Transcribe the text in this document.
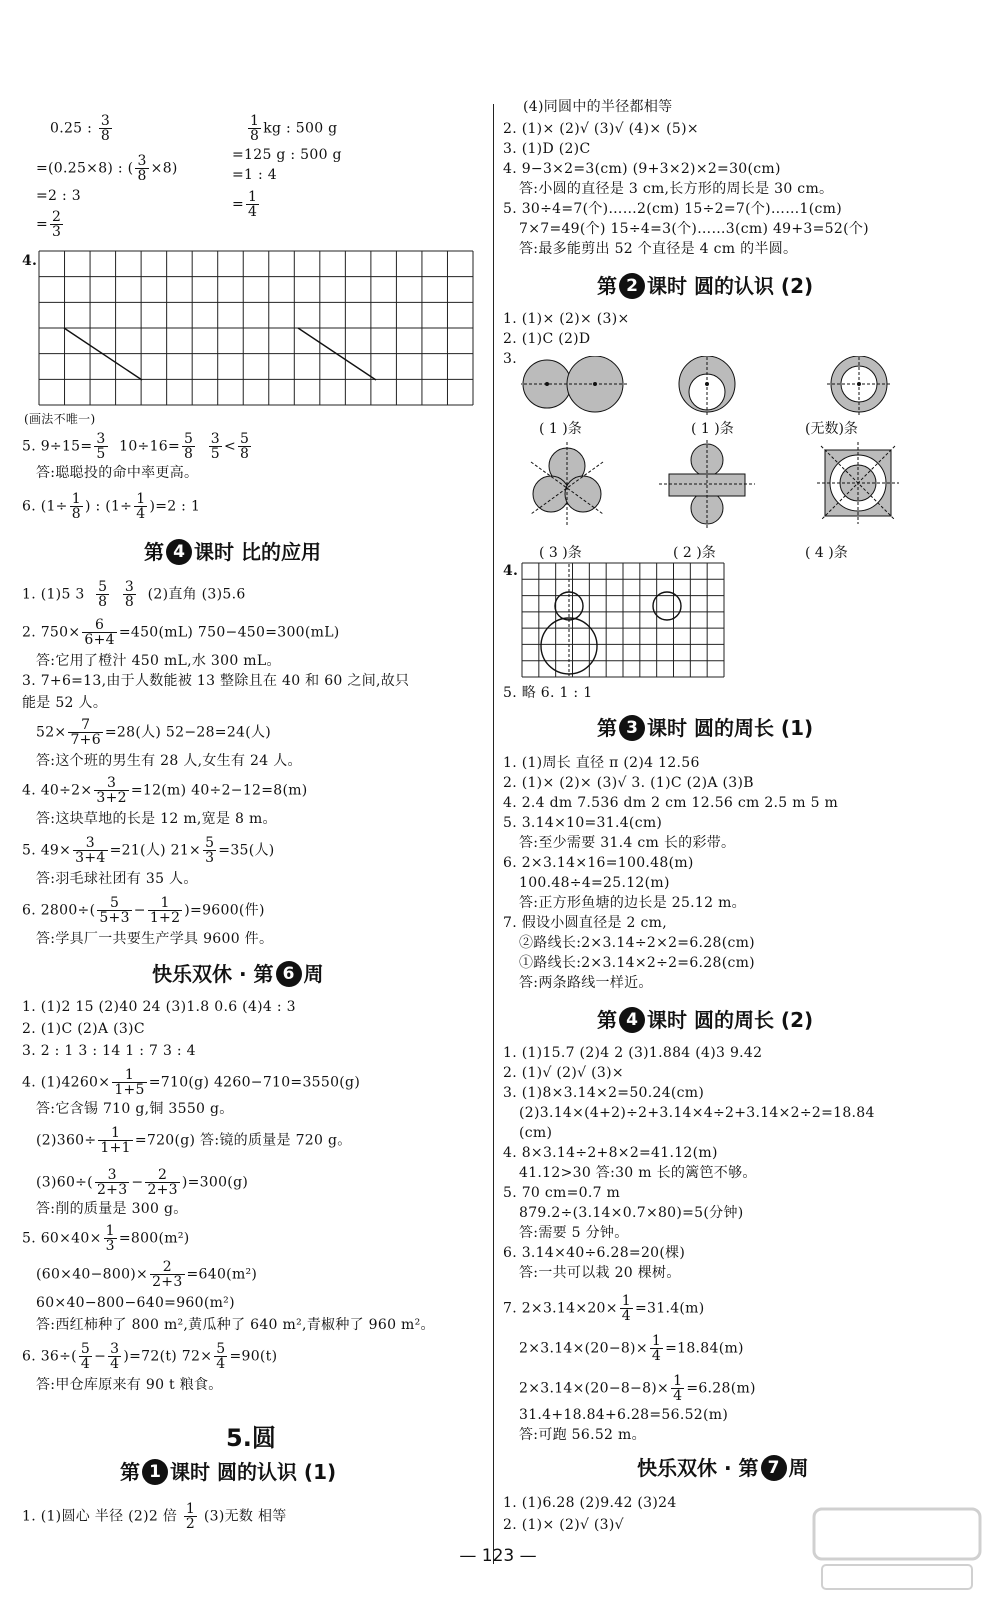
0.25 : $\frac{3}{8}$
=(0.25×8) : ( $\frac{3}{8} \times 8$)
=2 : 3
= $\frac{2}{3}$
$\frac{1}{8}$ kg : 500 g
=125 g : 500 g
=1 : 4
= $\frac{1}{4}$
4.
(画法不唯一)
5. $9\div 15= \frac{3}{5} 10\div 16= \frac{5}{8}$
$\frac{3}{5} < \frac{5}{8}$
答:聪聪投的命中率更高。
6. ($1\div \frac{1}{8}$ ) : $(1\div \frac{1}{4} )=2$ : 1
第 4 课时 比的应用
1. (1)5 $3 \frac{5}{8}$
$\frac{3}{8} (2)$直角 (3)5.6
2. $750\times \frac{6}{6+4} =450(mL)$ 750−450=300(mL)
答:它用了橙汁 450 mL,水 300 mL。
3. 7+6=13,由于人数能被 13 整除且在 40 和 60 之间,故只
能是 52 人。
$52\times \frac{7}{7+6} =28$(人) 52−28=24(人)
答:这个班的男生有 28 人,女生有 24 人。
4. $40\div 2\times \frac{3}{3+2} =12(m)$ 40÷2−12=8(m)
答:这块草地的长是 12 m,宽是 8 m。
5. $49\times \frac{3}{3+4} =21$(人) $21\times \frac{5}{3} =35$(人)
答:羽毛球社团有 35 人。
6. $2800\div( \frac{5}{5+3} - \frac{1}{1+2} )=9600$(件)
答:学具厂一共要生产学具 9600 件。
快乐双休 · 第 6 周
1. (1)2 15 (2)40 24 (3)1.8 0.6 (4)4 : 3
2. (1)C (2)A (3)C
3. 2 : 1 3 : 14 1 : 7 3 : 4
4. $(1)4260\times \frac{1}{1+5} =710(g)$ 4260−710=3550(g)
答:它含锡 710 g,铜 3550 g。
$(2)360\div \frac{1}{1+1} =720(g)$ 答:镜的质量是 720 g。
$(3)60\div( \frac{3}{2+3} - \frac{2}{2+3} )=300(g)$
答:削的质量是 300 g。
5. $60\times 40\times \frac{1}{3} =800(m^2)$
$(60\times 40-800)\times \frac{2}{2+3} =640(m^2)$
60×40−800−640=960(m²)
答:西红柿种了 800 m²,黄瓜种了 640 m²,青椒种了 960 m²。
6. $36\div( \frac{5}{4} - \frac{3}{4} )=72(t)$ $72\times \frac{5}{4} =90(t)$
答:甲仓库原来有 90 t 粮食。
5.圆
第 1 课时 圆的认识 (1)
1. (1)圆心 半径 (2)2 倍 $\frac{1}{2} (3)$无数 相等
(4)同圆中的半径都相等
2. (1)× (2)√ (3)√ (4)× (5)×
3. (1)D (2)C
4. 9−3×2=3(cm) (9+3×2)×2=30(cm)
答:小圆的直径是 3 cm,长方形的周长是 30 cm。
5. 30÷4=7(个)……2(cm) 15÷2=7(个)……1(cm)
7×7=49(个) 15÷4=3(个)……3(cm) 49+3=52(个)
答:最多能剪出 52 个直径是 4 cm 的半圆。
第 2 课时 圆的认识 (2)
1. (1)× (2)× (3)×
2. (1)C (2)D
3.
( 1 )条	( 1 )条	(无数)条
( 3 )条	( 2 )条	( 4 )条
4.
5. 略 6. 1 : 1
第 3 课时 圆的周长 (1)
1. (1)周长 直径 π (2)4 12.56
2. (1)× (2)× (3)√ 3. (1)C (2)A (3)B
4. 2.4 dm 7.536 dm 2 cm 12.56 cm 2.5 m 5 m
5. 3.14×10=31.4(cm)
答:至少需要 31.4 cm 长的彩带。
6. 2×3.14×16=100.48(m)
100.48÷4=25.12(m)
答:正方形鱼塘的边长是 25.12 m。
7. 假设小圆直径是 2 cm,
②路线长:2×3.14÷2×2=6.28(cm)
①路线长:2×3.14×2÷2=6.28(cm)
答:两条路线一样近。
第 4 课时 圆的周长 (2)
1. (1)15.7 (2)4 2 (3)1.884 (4)3 9.42
2. (1)√ (2)√ (3)×
3. (1)8×3.14×2=50.24(cm)
(2)3.14×(4+2)÷2+3.14×4÷2+3.14×2÷2=18.84
(cm)
4. 8×3.14÷2+8×2=41.12(m)
41.12>30 答:30 m 长的篱笆不够。
5. 70 cm=0.7 m
879.2÷(3.14×0.7×80)=5(分钟)
答:需要 5 分钟。
6. 3.14×40÷6.28=20(棵)
答:一共可以栽 20 棵树。
7. $2\times 3.14\times 20\times \frac{1}{4} =31.4(m)$
$2\times 3.14\times(20-8)\times \frac{1}{4} =18.84(m)$
$2\times 3.14\times(20-8-8)\times \frac{1}{4} =6.28(m)$
31.4+18.84+6.28=56.52(m)
答:可跑 56.52 m。
快乐双休 · 第 7 周
1. (1)6.28 (2)9.42 (3)24
2. (1)× (2)√ (3)√
— 123 —
